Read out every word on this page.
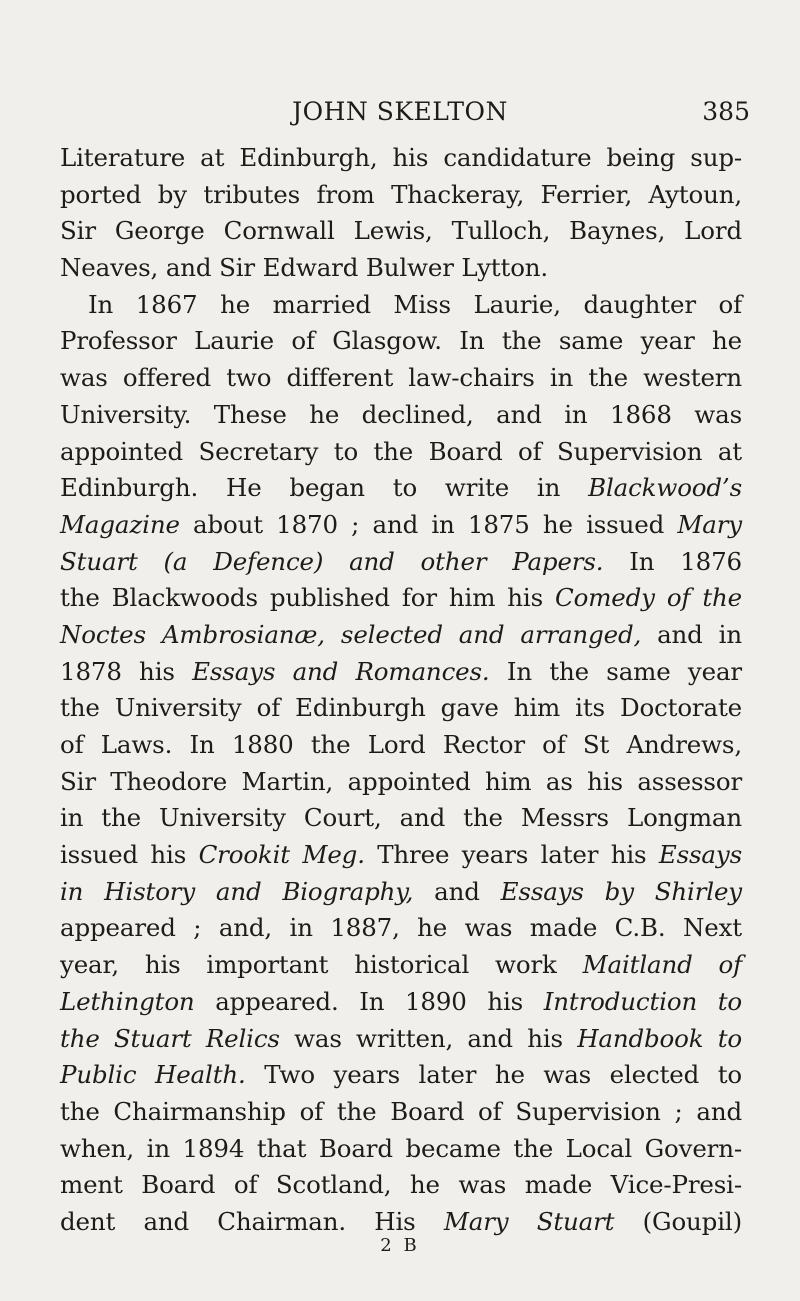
JOHN SKELTON	385
Literature at Edinburgh, his candidature being sup-
ported by tributes from Thackeray, Ferrier, Aytoun,
Sir George Cornwall Lewis, Tulloch, Baynes, Lord
Neaves, and Sir Edward Bulwer Lytton.
In 1867 he married Miss Laurie, daughter of
Professor Laurie of Glasgow. In the same year he
was offered two different law-chairs in the western
University. These he declined, and in 1868 was
appointed Secretary to the Board of Supervision at
Edinburgh. He began to write in Blackwood’s
Magazine about 1870 ; and in 1875 he issued Mary
Stuart (a Defence) and other Papers. In 1876
the Blackwoods published for him his Comedy of the
Noctes Ambrosianæ, selected and arranged, and in
1878 his Essays and Romances. In the same year
the University of Edinburgh gave him its Doctorate
of Laws. In 1880 the Lord Rector of St Andrews,
Sir Theodore Martin, appointed him as his assessor
in the University Court, and the Messrs Longman
issued his Crookit Meg. Three years later his Essays
in History and Biography, and Essays by Shirley
appeared ; and, in 1887, he was made C.B. Next
year, his important historical work Maitland of
Lethington appeared. In 1890 his Introduction to
the Stuart Relics was written, and his Handbook to
Public Health. Two years later he was elected to
the Chairmanship of the Board of Supervision ; and
when, in 1894 that Board became the Local Govern-
ment Board of Scotland, he was made Vice-Presi-
dent and Chairman. His Mary Stuart (Goupil)
2 B
